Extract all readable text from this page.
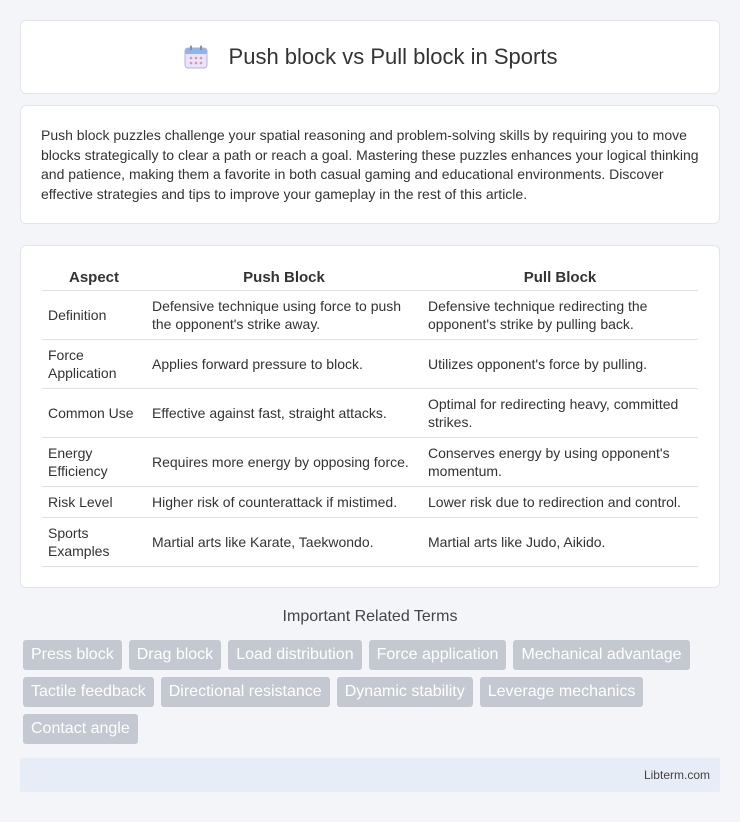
Push block vs Pull block in Sports

Push block puzzles challenge your spatial reasoning and problem-solving skills by requiring you to move blocks strategically to clear a path or reach a goal. Mastering these puzzles enhances your logical thinking and patience, making them a favorite in both casual gaming and educational environments. Discover effective strategies and tips to improve your gameplay in the rest of this article.

Aspect	Push Block	Pull Block
Definition	Defensive technique using force to push the opponent's strike away.	Defensive technique redirecting the opponent's strike by pulling back.
Force Application	Applies forward pressure to block.	Utilizes opponent's force by pulling.
Common Use	Effective against fast, straight attacks.	Optimal for redirecting heavy, committed strikes.
Energy Efficiency	Requires more energy by opposing force.	Conserves energy by using opponent's momentum.
Risk Level	Higher risk of counterattack if mistimed.	Lower risk due to redirection and control.
Sports Examples	Martial arts like Karate, Taekwondo.	Martial arts like Judo, Aikido.
Important Related Terms
Press block	Drag block	Load distribution	Force application	Mechanical advantage
Tactile feedback	Directional resistance	Dynamic stability	Leverage mechanics
Contact angle
Libterm.com
